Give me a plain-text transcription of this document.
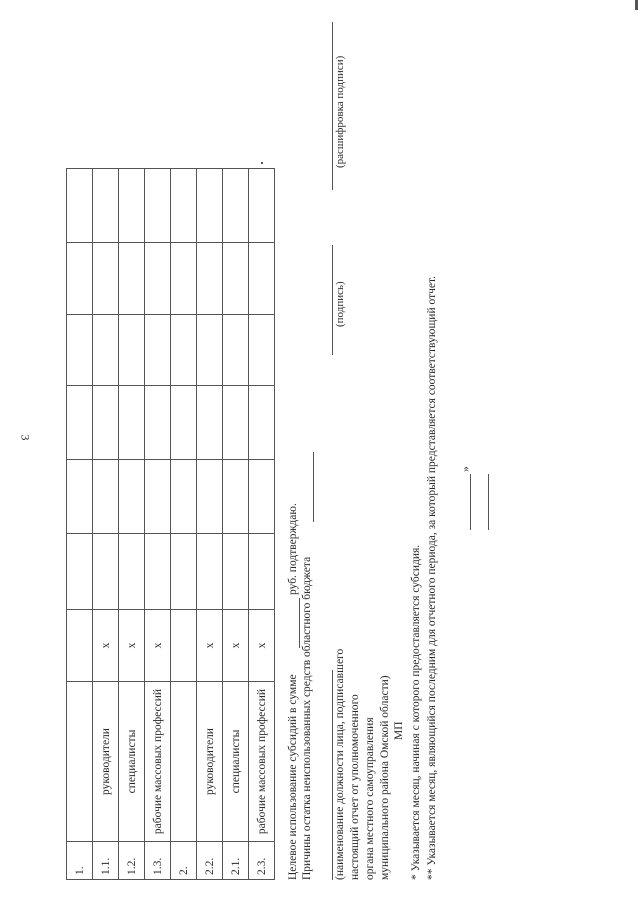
3
1.								
1.1.	руководители	x						
1.2.	специалисты	x						
1.3.	рабочие массовых профессий	x						
2.								
2.2.	руководители	x						
2.1.	специалисты	x						
2.3.	рабочие массовых профессий	x						
Целевое использование субсидий в сумме
руб. подтверждаю.
Причины остатка неиспользованных средств областного бюджета (наименование должности лица, подписавшего настоящий отчет от уполномоченного органа местного самоуправления муниципального района Омской области) МП
(подпись)
(расшифровка подписи)
* Указывается месяц, начиная с которого предоставляется субсидия. ** Указывается месяц, являющийся последним для отчетного периода, за который представляется соответствующий отчет. »
